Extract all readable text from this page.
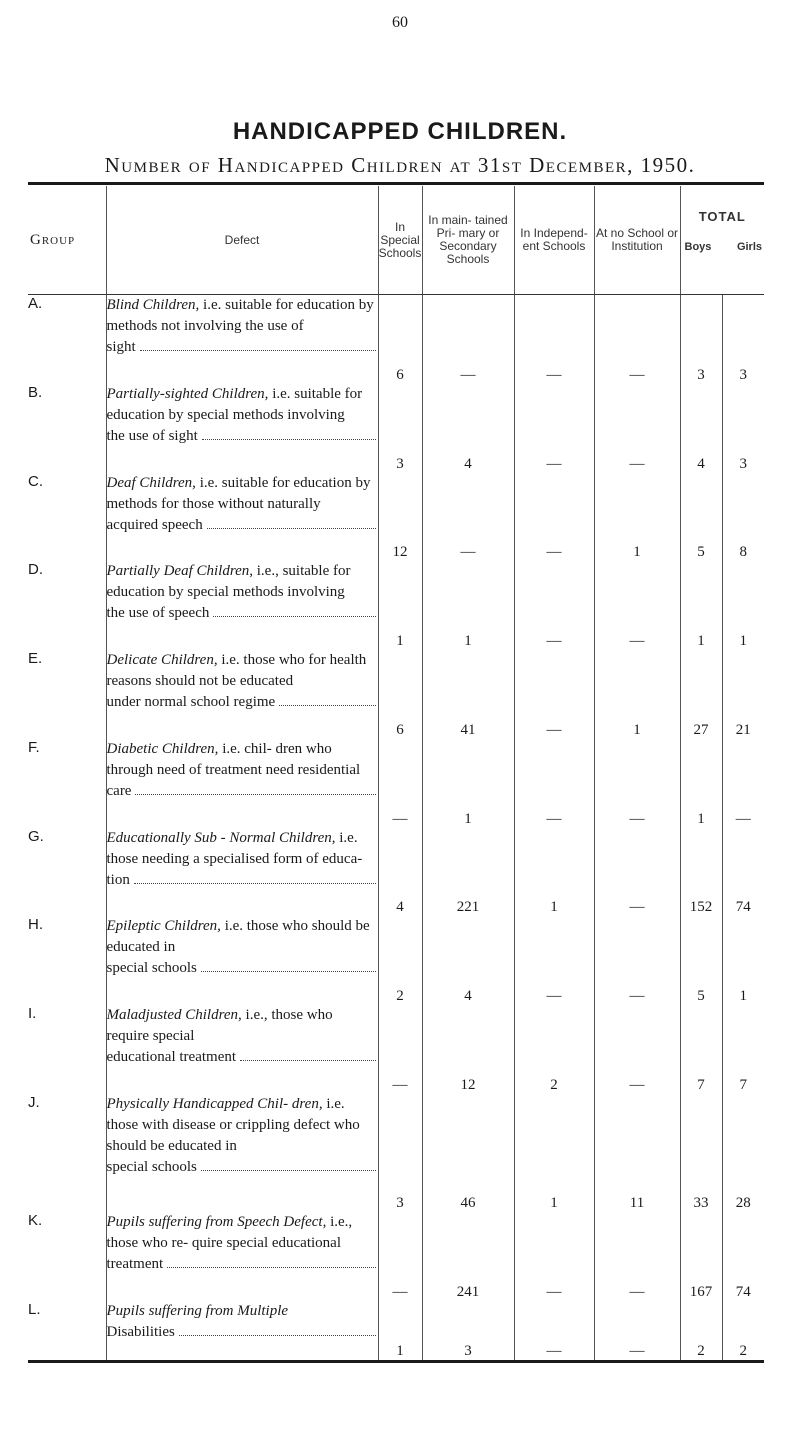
60
HANDICAPPED CHILDREN.
Number of Handicapped Children at 31st December, 1950.
Group	Defect	In Special Schools	In main- tained Pri- mary or Secondary Schools	In Independ- ent Schools	At no School or Institution	TOTAL
Boys Girls	

A.	Blind Children, i.e. suitable for education by methods not involving the use of
sight	6	—	—	—	3	3
B.	Partially-sighted Children, i.e. suitable for education by special methods involving
the use of sight	3	4	—	—	4	3
C.	Deaf Children, i.e. suitable for education by methods for those without naturally
acquired speech	12	—	—	1	5	8
D.	Partially Deaf Children, i.e., suitable for education by special methods involving
the use of speech	1	1	—	—	1	1
E.	Delicate Children, i.e. those who for health reasons should not be educated
under normal school regime	6	41	—	1	27	21
F.	Diabetic Children, i.e. chil- dren who through need of treatment need residential
care	—	1	—	—	1	—
G.	Educationally Sub - Normal Children, i.e. those needing a specialised form of educa-
tion	4	221	1	—	152	74
H.	Epileptic Children, i.e. those who should be educated in
special schools	2	4	—	—	5	1
I.	Maladjusted Children, i.e., those who require special
educational treatment	—	12	2	—	7	7
J.	Physically Handicapped Chil- dren, i.e. those with disease or crippling defect who should be educated in
special schools	3	46	1	11	33	28
K.	Pupils suffering from Speech Defect, i.e., those who re- quire special educational
treatment	—	241	—	—	167	74
L.	Pupils suffering from Multiple
Disabilities	1	3	—	—	2	2
